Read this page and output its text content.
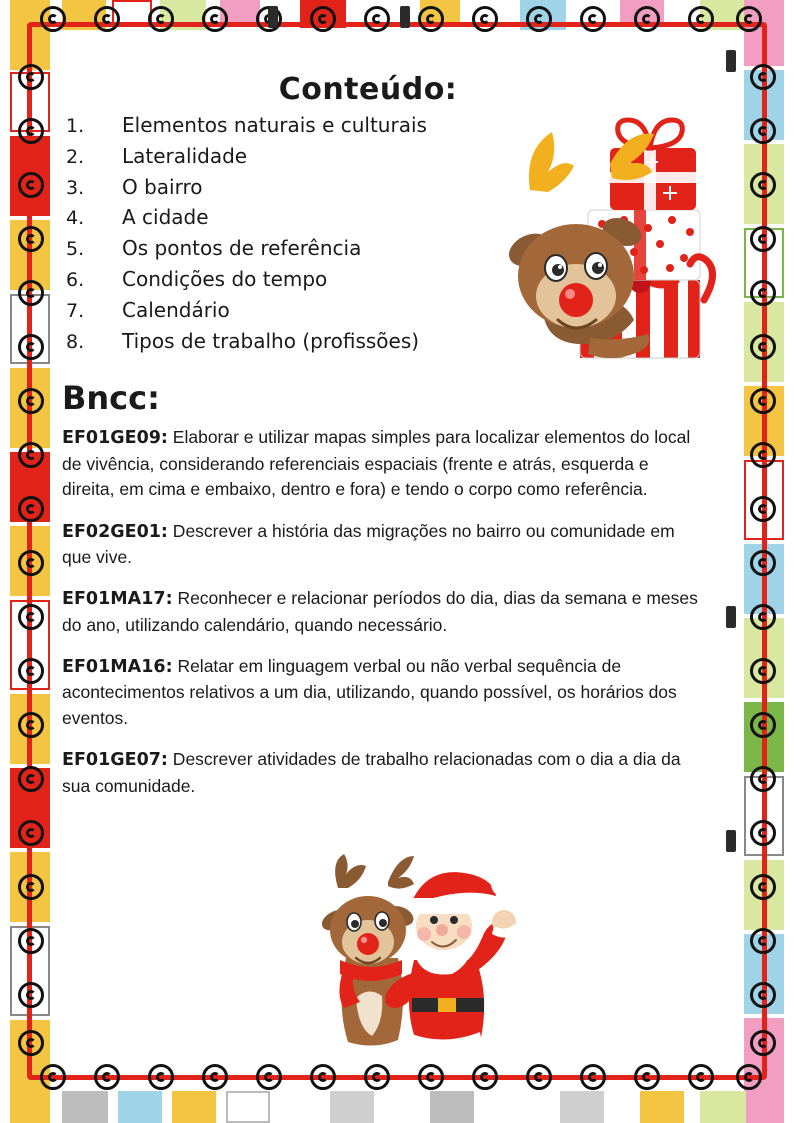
Conteúdo:
1.	Elementos naturais e culturais
2.	Lateralidade
3.	O bairro
4.	A cidade
5.	Os pontos de referência
6.	Condições do tempo
7.	Calendário
8.	Tipos de trabalho (profissões)
Bncc:

EF01GE09: Elaborar e utilizar mapas simples para localizar elementos do local de vivência, considerando referenciais espaciais (frente e atrás, esquerda e direita, em cima e embaixo, dentro e fora) e tendo o corpo como referência.

EF02GE01: Descrever a história das migrações no bairro ou comunidade em que vive.

EF01MA17: Reconhecer e relacionar períodos do dia, dias da semana e meses do ano, utilizando calendário, quando necessário.

EF01MA16: Relatar em linguagem verbal ou não verbal sequência de acontecimentos relativos a um dia, utilizando, quando possível, os horários dos eventos.

EF01GE07: Descrever atividades de trabalho relacionadas com o dia a dia da sua comunidade.
